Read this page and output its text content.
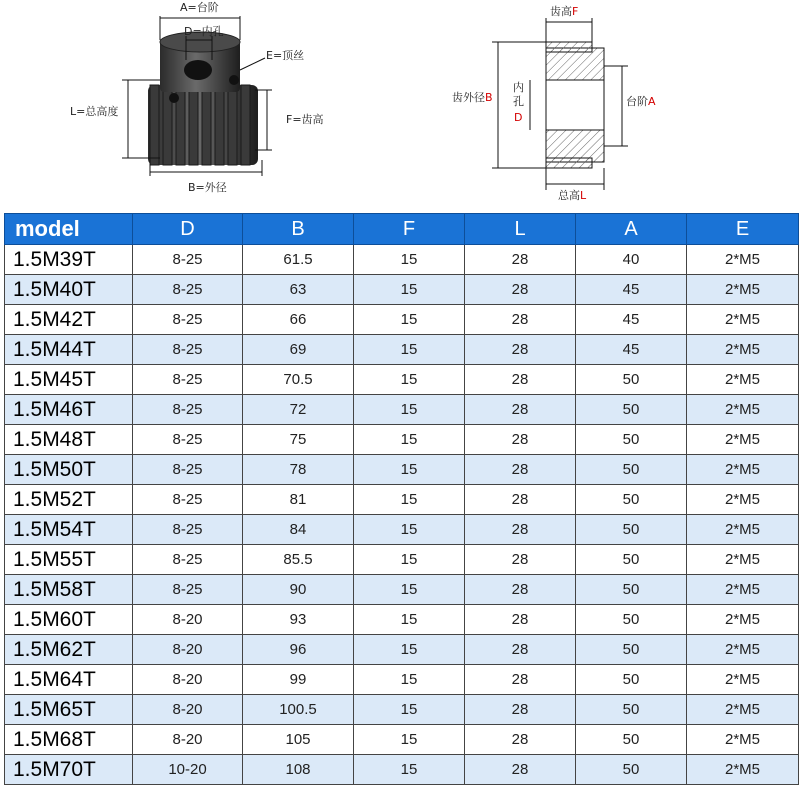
A=台阶
D=内孔
E=顶丝
L=总高度
F=齿高
B=外径
齿高F
齿外径B
内
孔
D
台阶A
总高L
model	D	B	F	L	A	E
1.5M39T	8-25	61.5	15	28	40	2*M5
1.5M40T	8-25	63	15	28	45	2*M5
1.5M42T	8-25	66	15	28	45	2*M5
1.5M44T	8-25	69	15	28	45	2*M5
1.5M45T	8-25	70.5	15	28	50	2*M5
1.5M46T	8-25	72	15	28	50	2*M5
1.5M48T	8-25	75	15	28	50	2*M5
1.5M50T	8-25	78	15	28	50	2*M5
1.5M52T	8-25	81	15	28	50	2*M5
1.5M54T	8-25	84	15	28	50	2*M5
1.5M55T	8-25	85.5	15	28	50	2*M5
1.5M58T	8-25	90	15	28	50	2*M5
1.5M60T	8-20	93	15	28	50	2*M5
1.5M62T	8-20	96	15	28	50	2*M5
1.5M64T	8-20	99	15	28	50	2*M5
1.5M65T	8-20	100.5	15	28	50	2*M5
1.5M68T	8-20	105	15	28	50	2*M5
1.5M70T	10-20	108	15	28	50	2*M5
